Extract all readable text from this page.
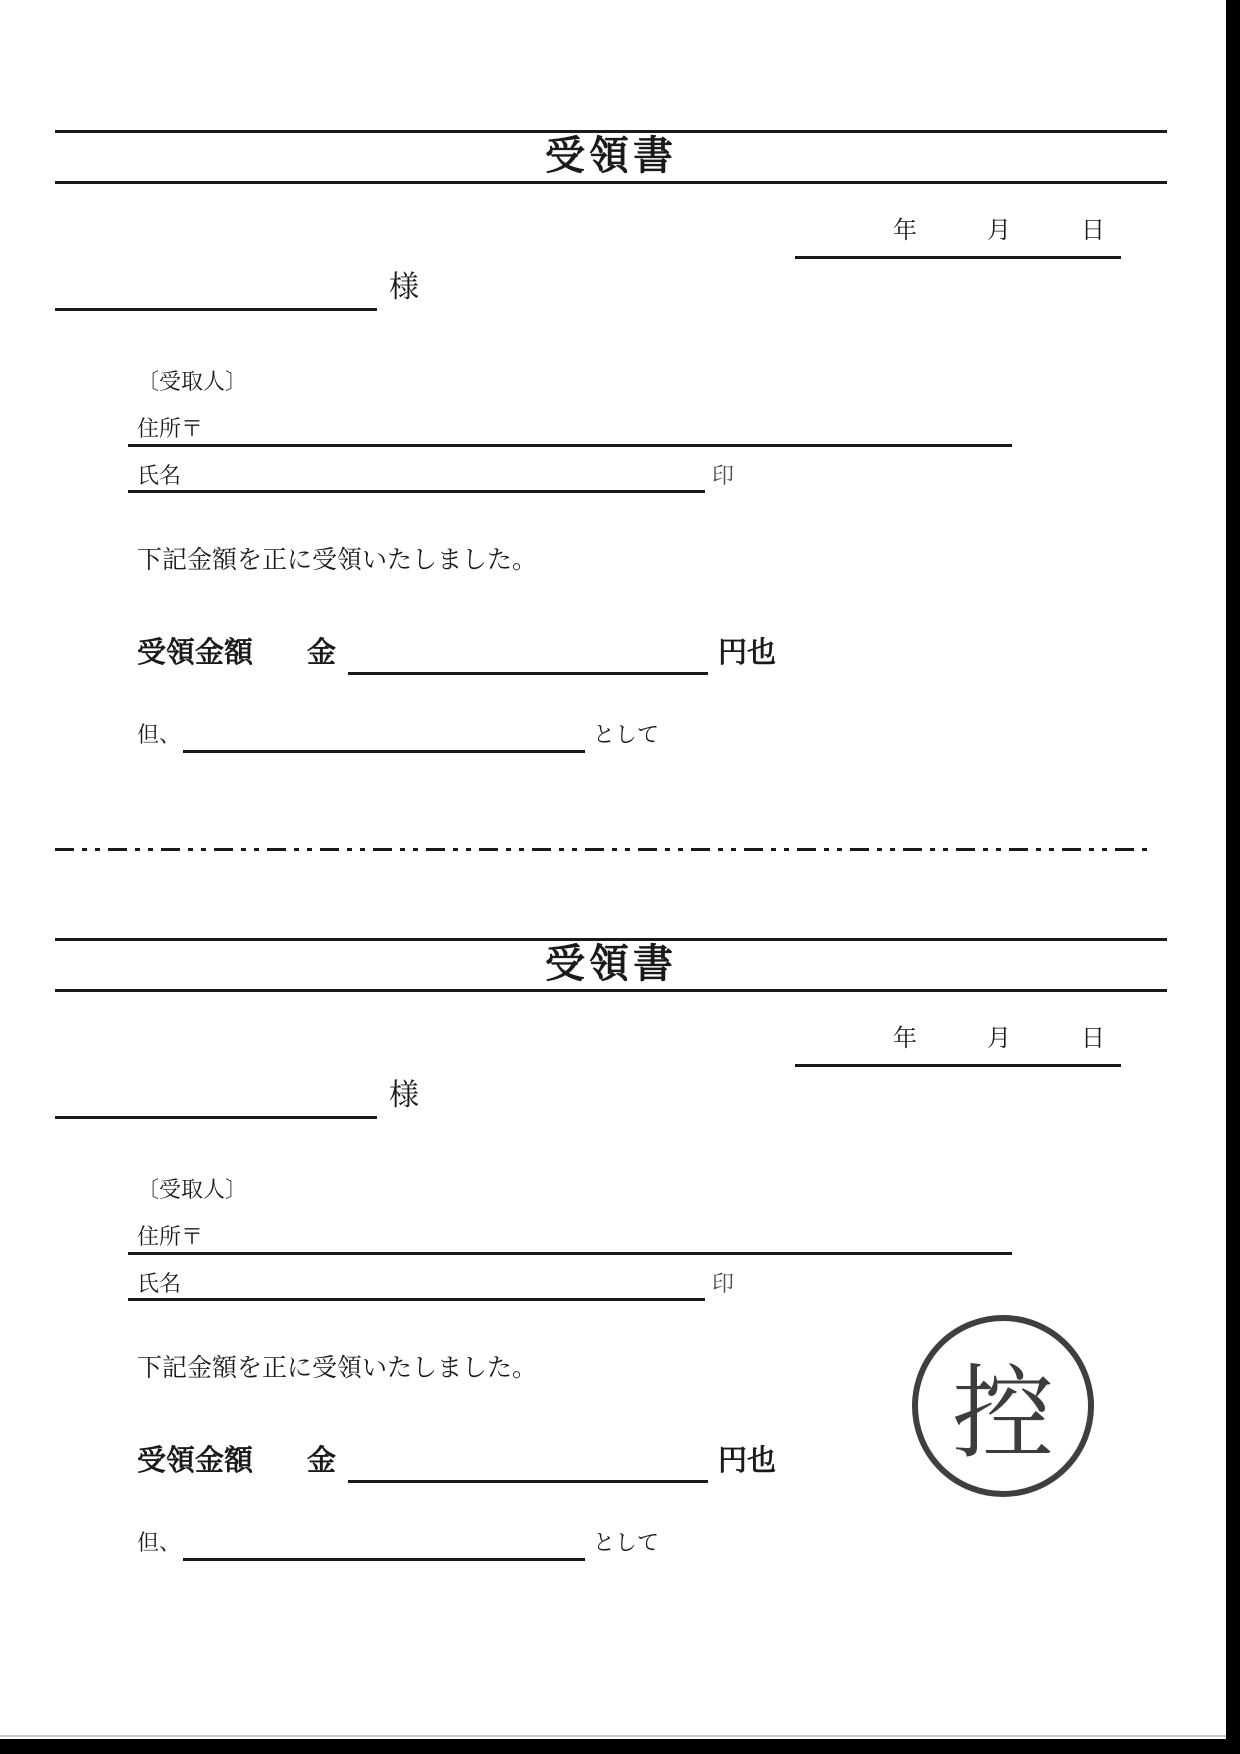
受領書
年	月	日
様
〔受取人〕
住所〒
氏名	印
下記金額を正に受領いたしました。
受領金額 金	円也
但、	として
受領書
年	月	日
様
〔受取人〕
住所〒
氏名	印
下記金額を正に受領いたしました。
受領金額 金	円也
但、	として
控
